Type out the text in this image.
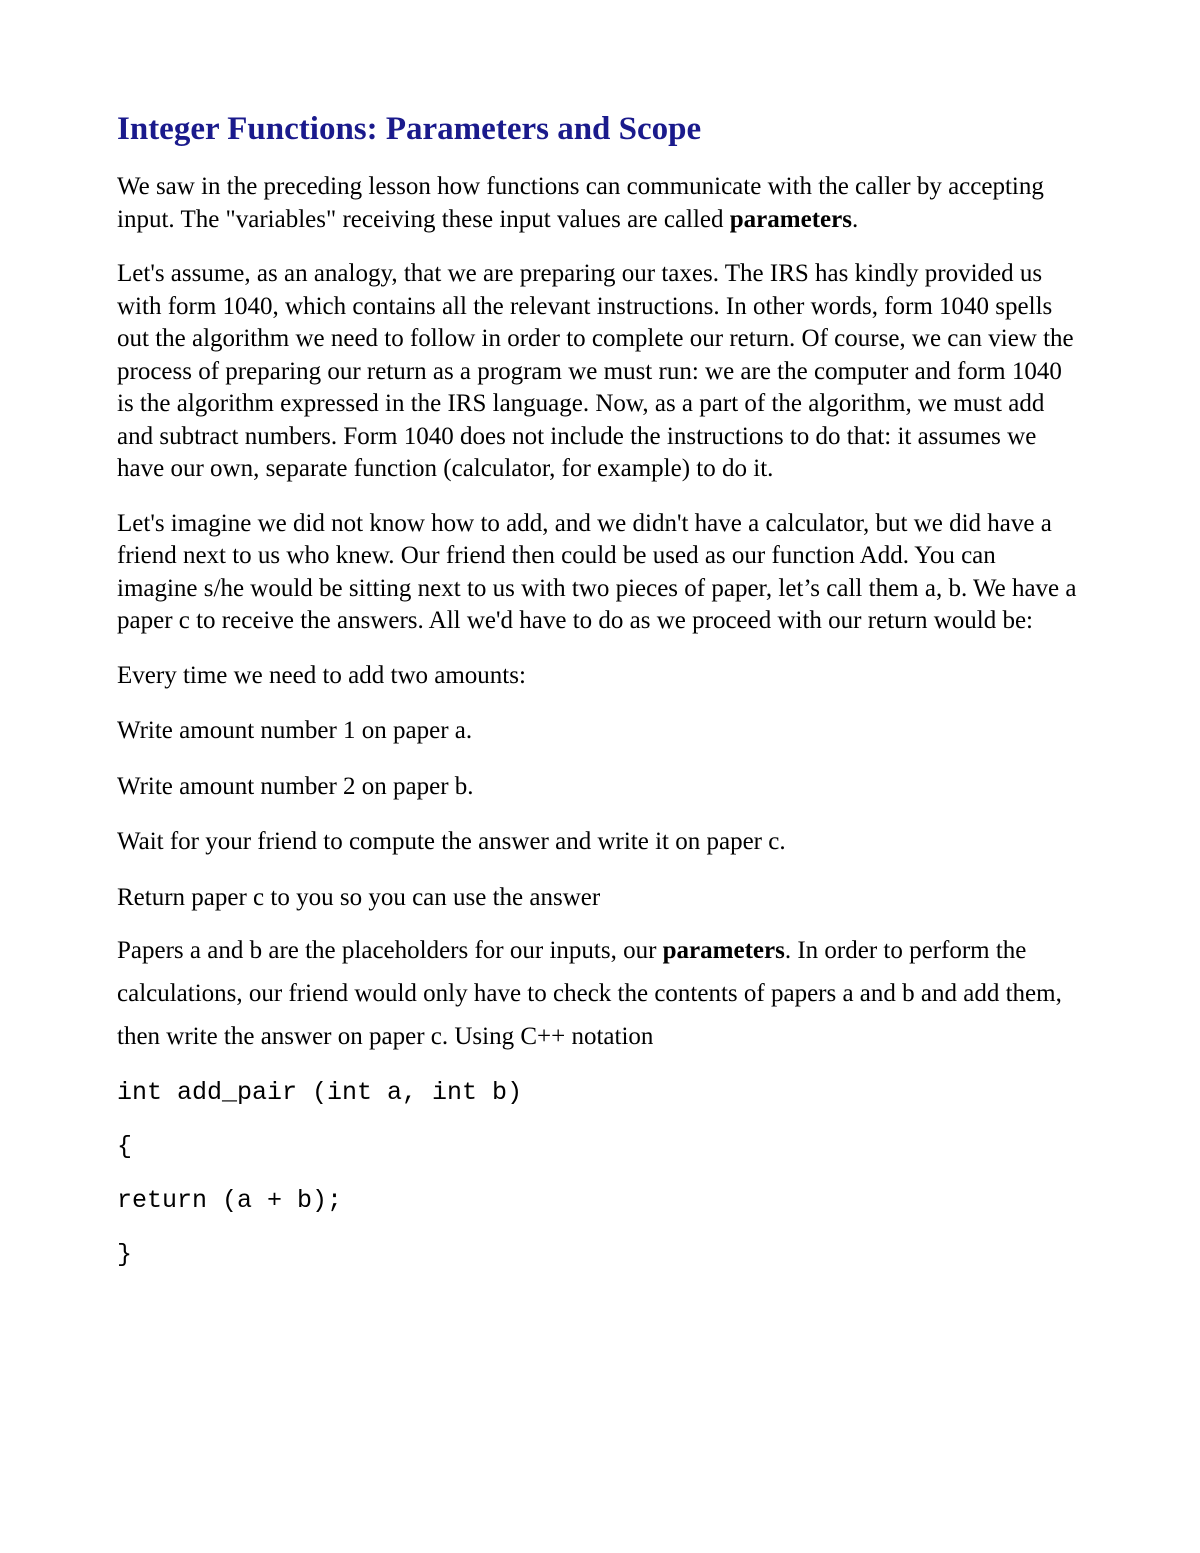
Integer Functions: Parameters and Scope

We saw in the preceding lesson how functions can communicate with the caller by accepting input. The "variables" receiving these input values are called parameters.

Let's assume, as an analogy, that we are preparing our taxes. The IRS has kindly provided us with form 1040, which contains all the relevant instructions. In other words, form 1040 spells out the algorithm we need to follow in order to complete our return. Of course, we can view the process of preparing our return as a program we must run: we are the computer and form 1040 is the algorithm expressed in the IRS language. Now, as a part of the algorithm, we must add and subtract numbers. Form 1040 does not include the instructions to do that: it assumes we have our own, separate function (calculator, for example) to do it.

Let's imagine we did not know how to add, and we didn't have a calculator, but we did have a friend next to us who knew. Our friend then could be used as our function Add. You can imagine s/he would be sitting next to us with two pieces of paper, let’s call them a, b. We have a paper c to receive the answers. All we'd have to do as we proceed with our return would be:

Every time we need to add two amounts:

Write amount number 1 on paper a.

Write amount number 2 on paper b.

Wait for your friend to compute the answer and write it on paper c.

Return paper c to you so you can use the answer

Papers a and b are the placeholders for our inputs, our parameters. In order to perform the calculations, our friend would only have to check the contents of papers a and b and add them, then write the answer on paper c. Using C++ notation

int add_pair (int a, int b)
{
return (a + b);
}
